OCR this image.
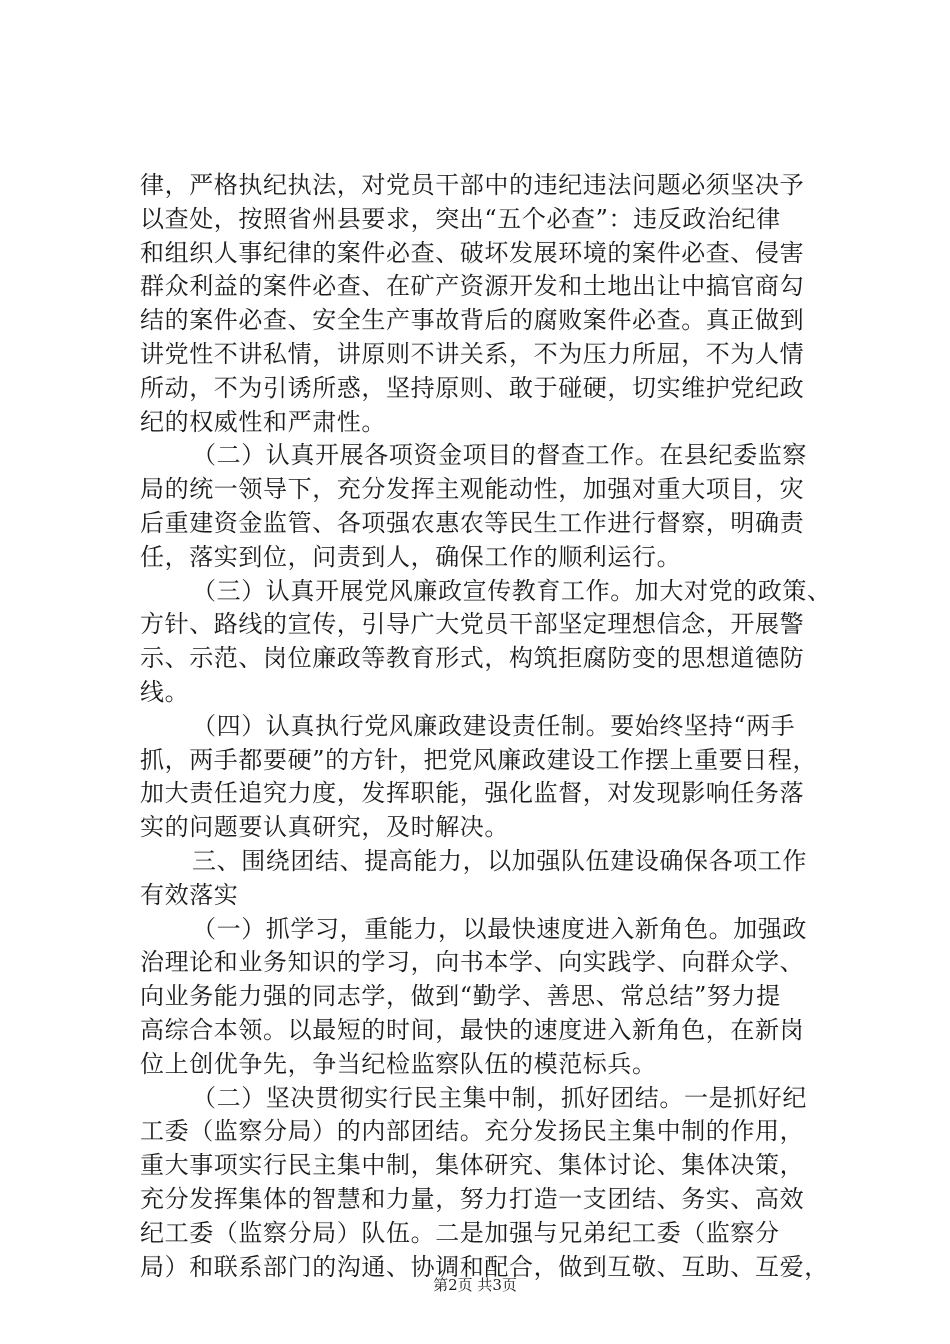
律，严格执纪执法，对党员干部中的违纪违法问题必须坚决予
以查处，按照省州县要求，突出“五个必查”：违反政治纪律
和组织人事纪律的案件必查、破坏发展环境的案件必查、侵害
群众利益的案件必查、在矿产资源开发和土地出让中搞官商勾
结的案件必查、安全生产事故背后的腐败案件必查。真正做到
讲党性不讲私情，讲原则不讲关系，不为压力所屈，不为人情
所动，不为引诱所惑，坚持原则、敢于碰硬，切实维护党纪政
纪的权威性和严肃性。
（二）认真开展各项资金项目的督查工作。在县纪委监察
局的统一领导下，充分发挥主观能动性，加强对重大项目，灾
后重建资金监管、各项强农惠农等民生工作进行督察，明确责
任，落实到位，问责到人，确保工作的顺利运行。
（三）认真开展党风廉政宣传教育工作。加大对党的政策、
方针、路线的宣传，引导广大党员干部坚定理想信念，开展警
示、示范、岗位廉政等教育形式，构筑拒腐防变的思想道德防
线。
（四）认真执行党风廉政建设责任制。要始终坚持“两手
抓，两手都要硬”的方针，把党风廉政建设工作摆上重要日程，
加大责任追究力度，发挥职能，强化监督，对发现影响任务落
实的问题要认真研究，及时解决。
三、围绕团结、提高能力，以加强队伍建设确保各项工作
有效落实
（一）抓学习，重能力，以最快速度进入新角色。加强政
治理论和业务知识的学习，向书本学、向实践学、向群众学、
向业务能力强的同志学，做到“勤学、善思、常总结”努力提
高综合本领。以最短的时间，最快的速度进入新角色，在新岗
位上创优争先，争当纪检监察队伍的模范标兵。
（二）坚决贯彻实行民主集中制，抓好团结。一是抓好纪
工委（监察分局）的内部团结。充分发扬民主集中制的作用，
重大事项实行民主集中制，集体研究、集体讨论、集体决策，
充分发挥集体的智慧和力量，努力打造一支团结、务实、高效
纪工委（监察分局）队伍。二是加强与兄弟纪工委（监察分
局）和联系部门的沟通、协调和配合，做到互敬、互助、互爱，
第2页 共3页
